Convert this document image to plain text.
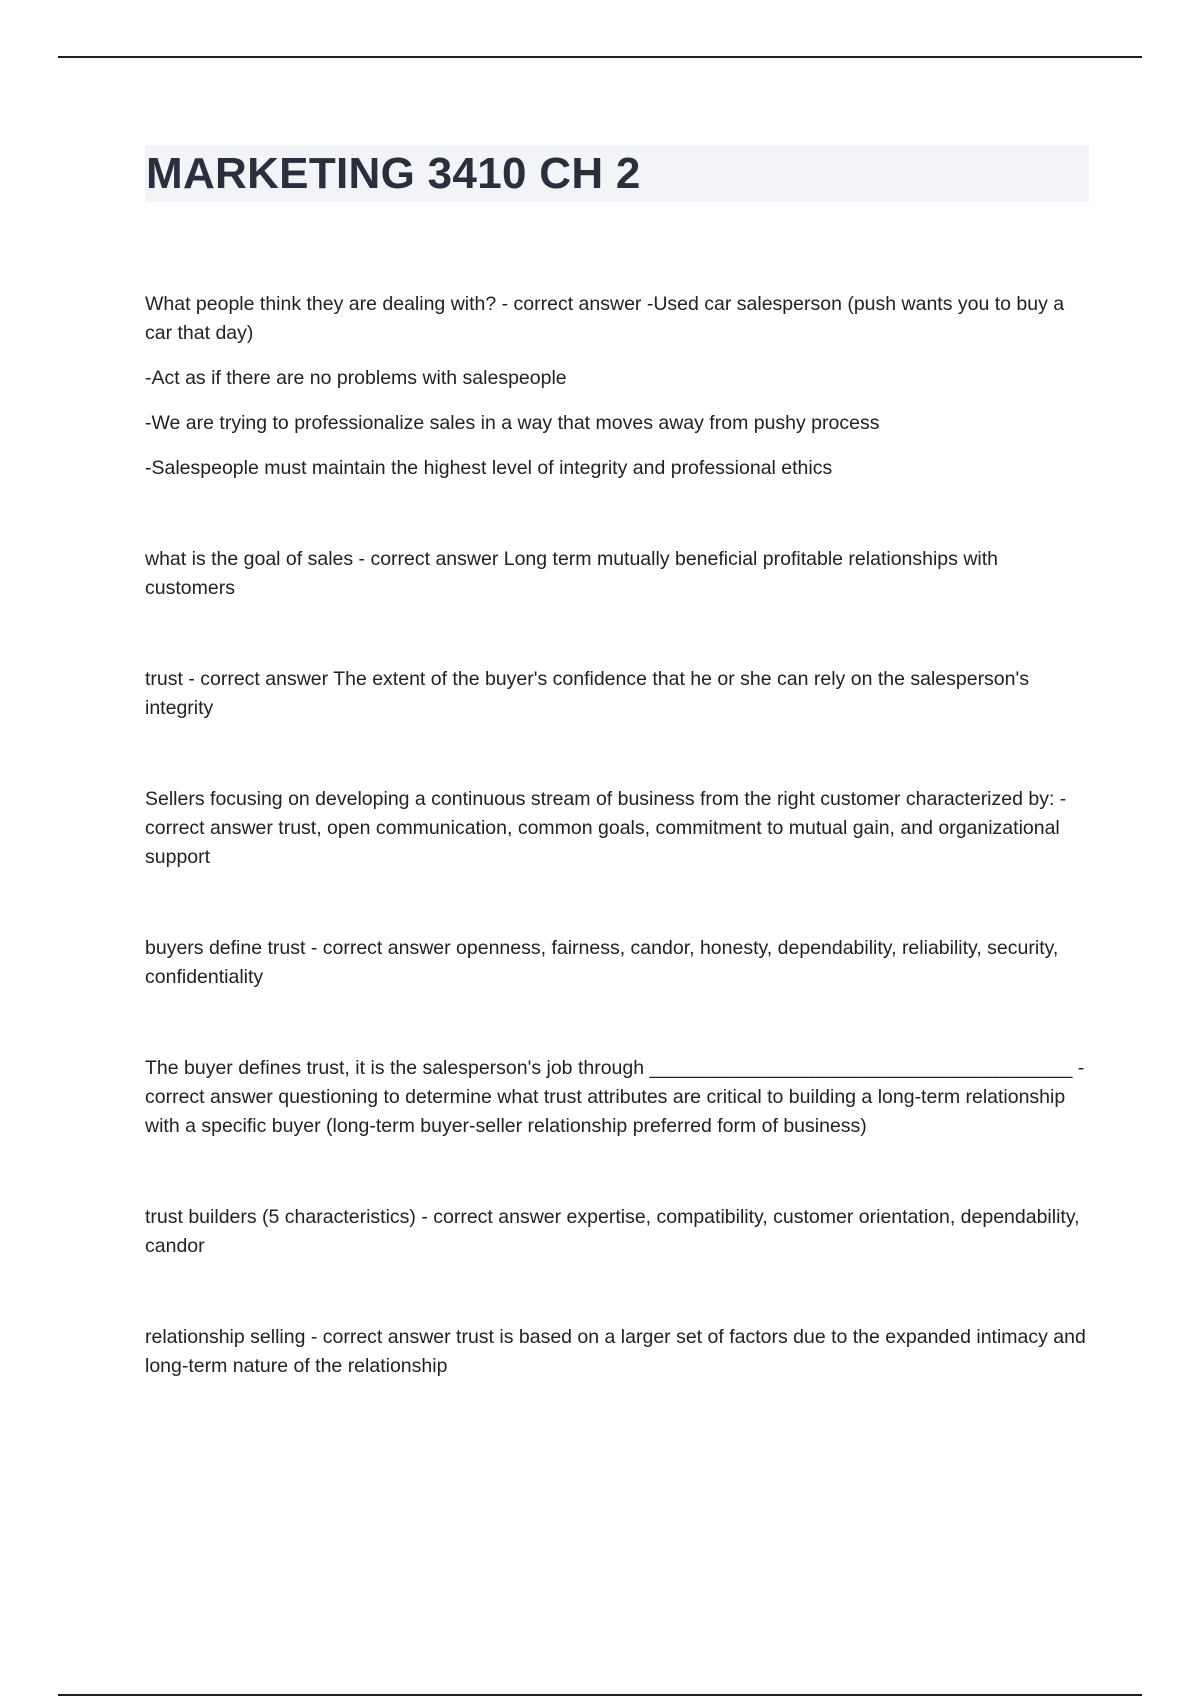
MARKETING 3410 CH 2

What people think they are dealing with? - correct answer -Used car salesperson (push wants you to buy a car that day)

-Act as if there are no problems with salespeople

-We are trying to professionalize sales in a way that moves away from pushy process

-Salespeople must maintain the highest level of integrity and professional ethics

what is the goal of sales - correct answer Long term mutually beneficial profitable relationships with customers

trust - correct answer The extent of the buyer's confidence that he or she can rely on the salesperson's integrity

Sellers focusing on developing a continuous stream of business from the right customer characterized by: - correct answer trust, open communication, common goals, commitment to mutual gain, and organizational support

buyers define trust - correct answer openness, fairness, candor, honesty, dependability, reliability, security, confidentiality

The buyer defines trust, it is the salesperson's job through _______________________________________ - correct answer questioning to determine what trust attributes are critical to building a long-term relationship with a specific buyer (long-term buyer-seller relationship preferred form of business)

trust builders (5 characteristics) - correct answer expertise, compatibility, customer orientation, dependability, candor

relationship selling - correct answer trust is based on a larger set of factors due to the expanded intimacy and long-term nature of the relationship
